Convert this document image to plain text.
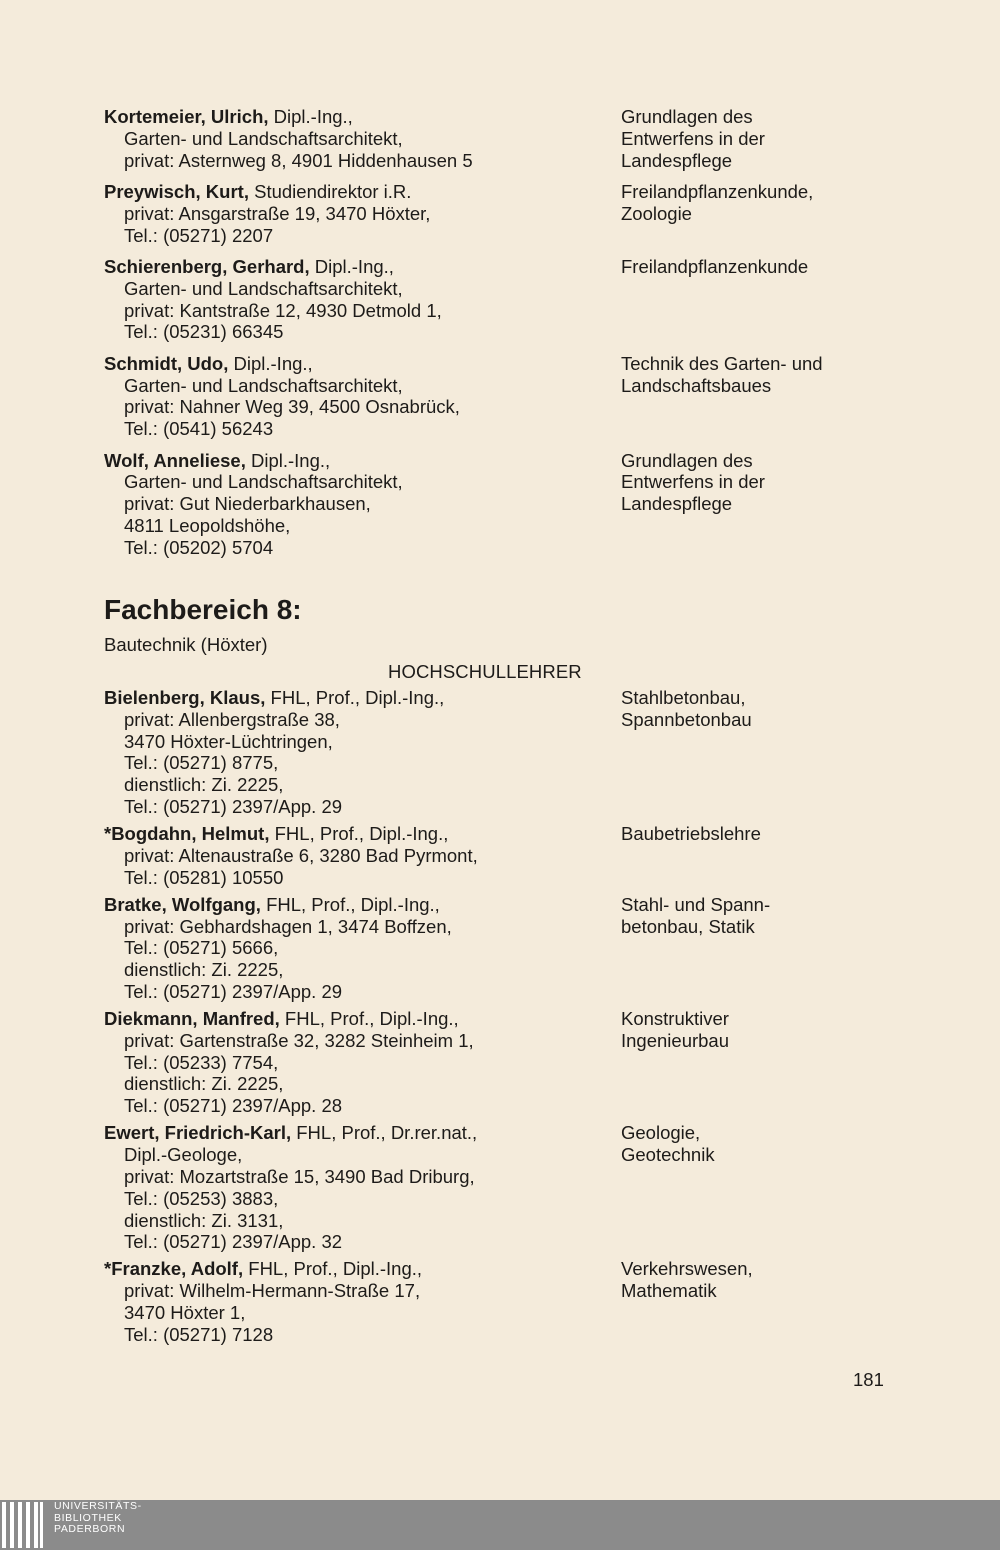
Kortemeier, Ulrich, Dipl.-Ing.,
Garten- und Landschaftsarchitekt,
privat: Asternweg 8, 4901 Hiddenhausen 5
Grundlagen des
Entwerfens in der
Landespflege
Preywisch, Kurt, Studiendirektor i.R.
privat: Ansgarstraße 19, 3470 Höxter,
Tel.: (05271) 2207
Freilandpflanzenkunde,
Zoologie
Schierenberg, Gerhard, Dipl.-Ing.,
Garten- und Landschaftsarchitekt,
privat: Kantstraße 12, 4930 Detmold 1,
Tel.: (05231) 66345
Freilandpflanzenkunde
Schmidt, Udo, Dipl.-Ing.,
Garten- und Landschaftsarchitekt,
privat: Nahner Weg 39, 4500 Osnabrück,
Tel.: (0541) 56243
Technik des Garten- und
Landschaftsbaues
Wolf, Anneliese, Dipl.-Ing.,
Garten- und Landschaftsarchitekt,
privat: Gut Niederbarkhausen,
4811 Leopoldshöhe,
Tel.: (05202) 5704
Grundlagen des
Entwerfens in der
Landespflege
Fachbereich 8:
Bautechnik (Höxter)
HOCHSCHULLEHRER
Bielenberg, Klaus, FHL, Prof., Dipl.-Ing.,
privat: Allenbergstraße 38,
3470 Höxter-Lüchtringen,
Tel.: (05271) 8775,
dienstlich: Zi. 2225,
Tel.: (05271) 2397/App. 29
Stahlbetonbau,
Spannbetonbau
*Bogdahn, Helmut, FHL, Prof., Dipl.-Ing.,
privat: Altenaustraße 6, 3280 Bad Pyrmont,
Tel.: (05281) 10550
Baubetriebslehre
Bratke, Wolfgang, FHL, Prof., Dipl.-Ing.,
privat: Gebhardshagen 1, 3474 Boffzen,
Tel.: (05271) 5666,
dienstlich: Zi. 2225,
Tel.: (05271) 2397/App. 29
Stahl- und Spann-
betonbau, Statik
Diekmann, Manfred, FHL, Prof., Dipl.-Ing.,
privat: Gartenstraße 32, 3282 Steinheim 1,
Tel.: (05233) 7754,
dienstlich: Zi. 2225,
Tel.: (05271) 2397/App. 28
Konstruktiver
Ingenieurbau
Ewert, Friedrich-Karl, FHL, Prof., Dr.rer.nat.,
Dipl.-Geologe,
privat: Mozartstraße 15, 3490 Bad Driburg,
Tel.: (05253) 3883,
dienstlich: Zi. 3131,
Tel.: (05271) 2397/App. 32
Geologie,
Geotechnik
*Franzke, Adolf, FHL, Prof., Dipl.-Ing.,
privat: Wilhelm-Hermann-Straße 17,
3470 Höxter 1,
Tel.: (05271) 7128
Verkehrswesen,
Mathematik
181
UNIVERSITÄTS-
BIBLIOTHEK
PADERBORN
